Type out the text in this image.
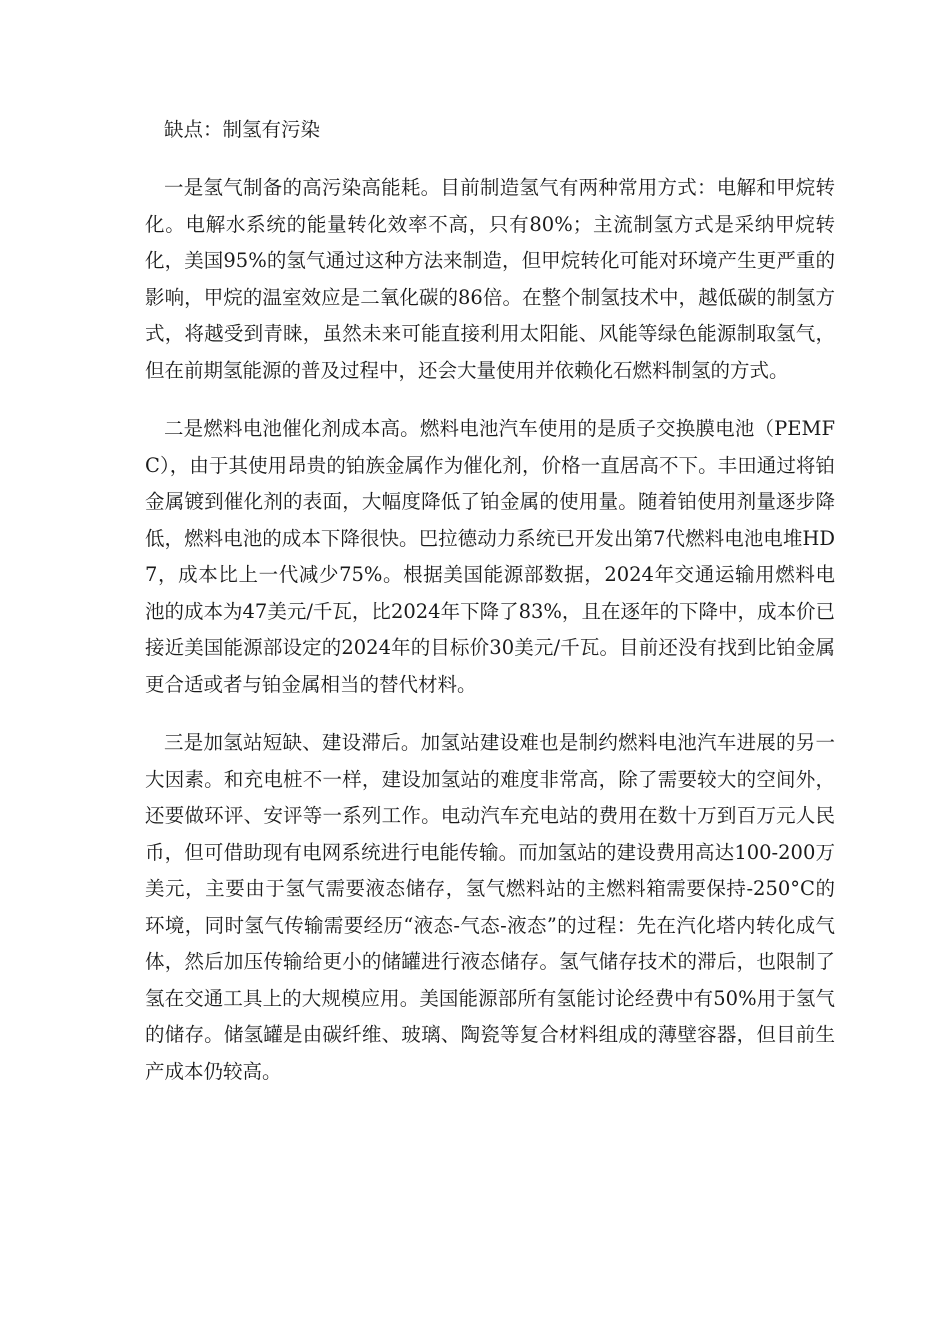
缺点：制氢有污染

一是氢气制备的高污染高能耗。目前制造氢气有两种常用方式：电解和甲烷转化。电解水系统的能量转化效率不高，只有80%；主流制氢方式是采纳甲烷转化，美国95%的氢气通过这种方法来制造，但甲烷转化可能对环境产生更严重的影响，甲烷的温室效应是二氧化碳的86倍。在整个制氢技术中，越低碳的制氢方式，将越受到青睐，虽然未来可能直接利用太阳能、风能等绿色能源制取氢气，但在前期氢能源的普及过程中，还会大量使用并依赖化石燃料制氢的方式。

二是燃料电池催化剂成本高。燃料电池汽车使用的是质子交换膜电池（PEMFC），由于其使用昂贵的铂族金属作为催化剂，价格一直居高不下。丰田通过将铂金属镀到催化剂的表面，大幅度降低了铂金属的使用量。随着铂使用剂量逐步降低，燃料电池的成本下降很快。巴拉德动力系统已开发出第7代燃料电池电堆HD7，成本比上一代减少75%。根据美国能源部数据，2024年交通运输用燃料电池的成本为47美元/千瓦，比2024年下降了83%，且在逐年的下降中，成本价已接近美国能源部设定的2024年的目标价30美元/千瓦。目前还没有找到比铂金属更合适或者与铂金属相当的替代材料。

三是加氢站短缺、建设滞后。加氢站建设难也是制约燃料电池汽车进展的另一大因素。和充电桩不一样，建设加氢站的难度非常高，除了需要较大的空间外，还要做环评、安评等一系列工作。电动汽车充电站的费用在数十万到百万元人民币，但可借助现有电网系统进行电能传输。而加氢站的建设费用高达100-200万美元，主要由于氢气需要液态储存，氢气燃料站的主燃料箱需要保持-250°C的环境，同时氢气传输需要经历“液态-气态-液态”的过程：先在汽化塔内转化成气体，然后加压传输给更小的储罐进行液态储存。氢气储存技术的滞后，也限制了氢在交通工具上的大规模应用。美国能源部所有氢能讨论经费中有50%用于氢气的储存。储氢罐是由碳纤维、玻璃、陶瓷等复合材料组成的薄壁容器，但目前生产成本仍较高。
